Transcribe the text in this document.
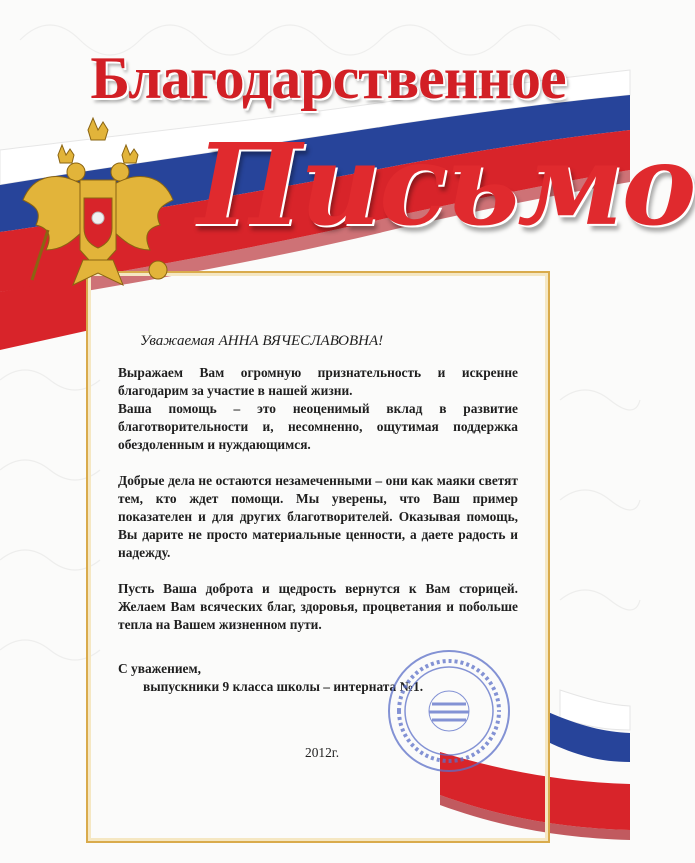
Благодарственное
Письмо
Уважаемая АННА ВЯЧЕСЛАВОВНА!

Выражаем Вам огромную признательность и искренне благодарим за участие в нашей жизни.

Ваша помощь – это неоценимый вклад в развитие благотворительности и, несомненно, ощутимая поддержка обездоленным и нуждающимся.

Добрые дела не остаются незамеченными – они как маяки светят тем, кто ждет помощи. Мы уверены, что Ваш пример показателен и для других благотворителей. Оказывая помощь, Вы дарите не просто материальные ценности, а даете радость и надежду.

Пусть Ваша доброта и щедрость вернутся к Вам сторицей. Желаем Вам всяческих благ, здоровья, процветания и побольше тепла на Вашем жизненном пути.

С уважением,
выпускники 9 класса школы – интерната №1.
2012г.
